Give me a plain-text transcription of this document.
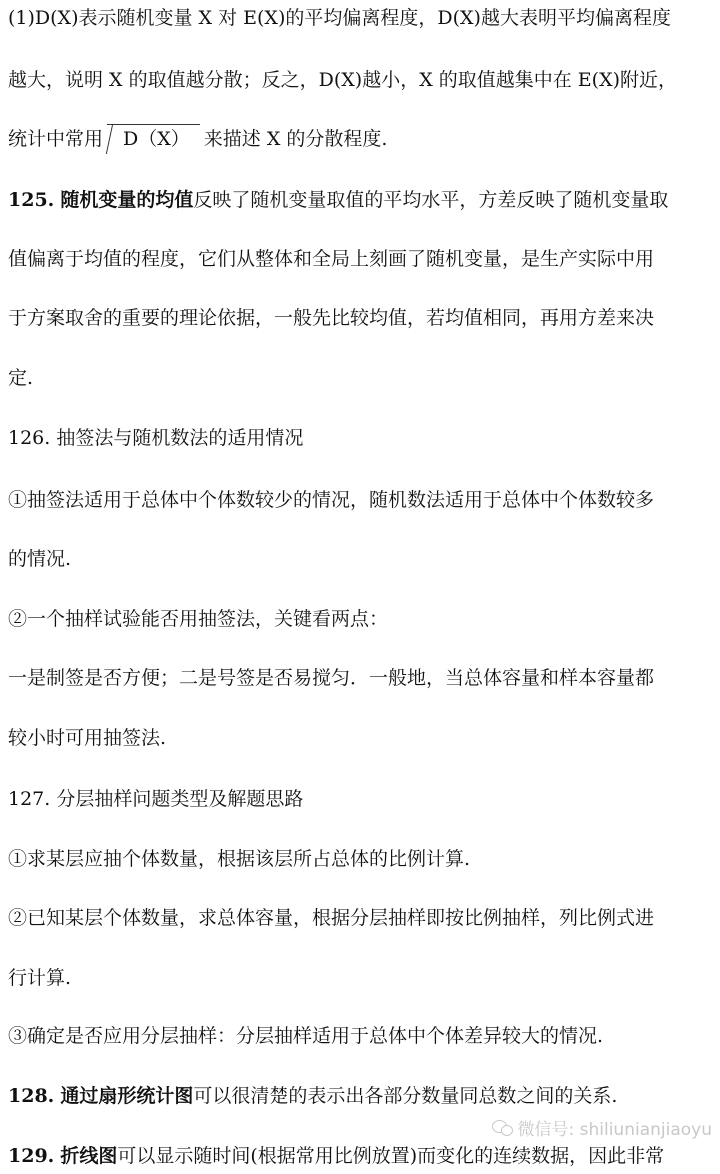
(1)D(X)表示随机变量 X 对 E(X)的平均偏离程度，D(X)越大表明平均偏离程度
越大，说明 X 的取值越分散；反之，D(X)越小，X 的取值越集中在 E(X)附近，
统计中常用 D（X） 来描述 X 的分散程度.
125. 随机变量的均值反映了随机变量取值的平均水平，方差反映了随机变量取
值偏离于均值的程度，它们从整体和全局上刻画了随机变量，是生产实际中用
于方案取舍的重要的理论依据，一般先比较均值，若均值相同，再用方差来决
定.
126. 抽签法与随机数法的适用情况
①抽签法适用于总体中个体数较少的情况，随机数法适用于总体中个体数较多
的情况.
②一个抽样试验能否用抽签法，关键看两点：
一是制签是否方便；二是号签是否易搅匀．一般地，当总体容量和样本容量都
较小时可用抽签法.
127. 分层抽样问题类型及解题思路
①求某层应抽个体数量，根据该层所占总体的比例计算.
②已知某层个体数量，求总体容量，根据分层抽样即按比例抽样，列比例式进
行计算.
③确定是否应用分层抽样：分层抽样适用于总体中个体差异较大的情况.
128. 通过扇形统计图可以很清楚的表示出各部分数量同总数之间的关系.
129. 折线图可以显示随时间(根据常用比例放置)而变化的连续数据，因此非常
微信号: shiliunianjiaoyu
